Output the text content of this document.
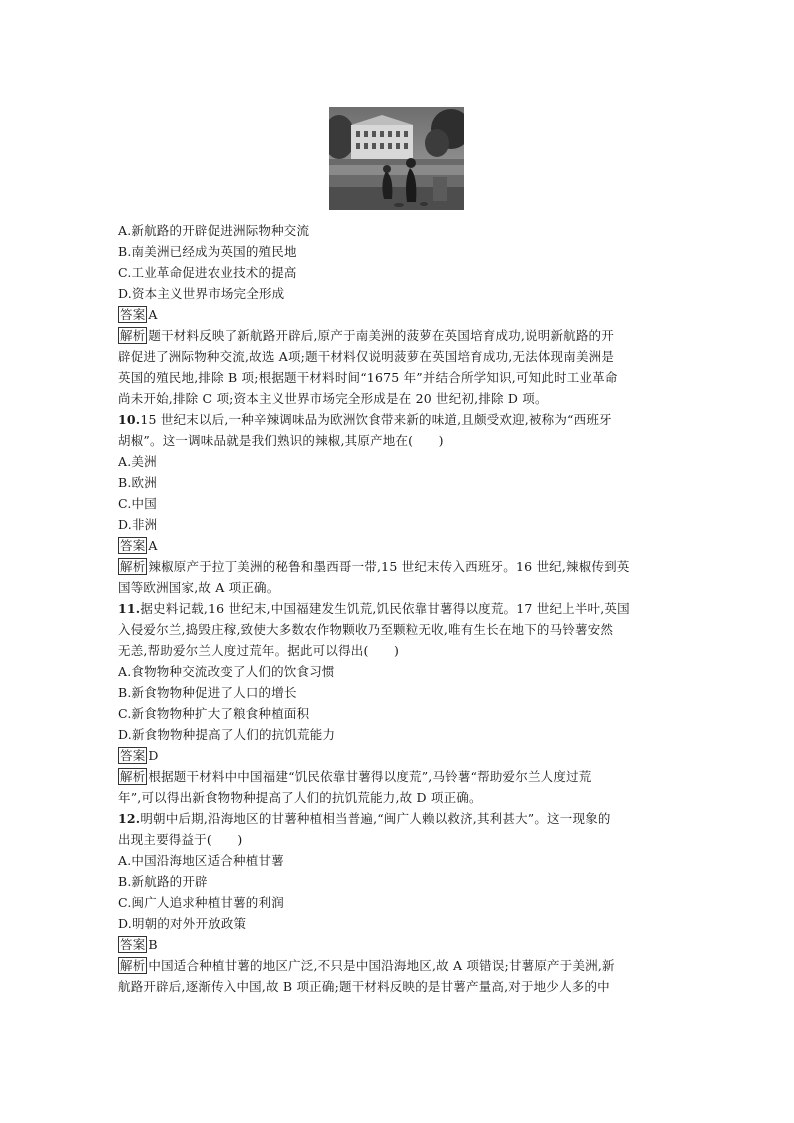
A.新航路的开辟促进洲际物种交流
B.南美洲已经成为英国的殖民地
C.工业革命促进农业技术的提高
D.资本主义世界市场完全形成
答案 A
解析 题干材料反映了新航路开辟后,原产于南美洲的菠萝在英国培育成功,说明新航路的开
辟促进了洲际物种交流,故选 A项;题干材料仅说明菠萝在英国培育成功,无法体现南美洲是
英国的殖民地,排除 B 项;根据题干材料时间“1675 年”并结合所学知识,可知此时工业革命
尚未开始,排除 C 项;资本主义世界市场完全形成是在 20 世纪初,排除 D 项。
10.15 世纪末以后,一种辛辣调味品为欧洲饮食带来新的味道,且颇受欢迎,被称为“西班牙
胡椒”。这一调味品就是我们熟识的辣椒,其原产地在(　　)
A.美洲
B.欧洲
C.中国
D.非洲
答案 A
解析 辣椒原产于拉丁美洲的秘鲁和墨西哥一带,15 世纪末传入西班牙。16 世纪,辣椒传到英
国等欧洲国家,故 A 项正确。
11.据史料记载,16 世纪末,中国福建发生饥荒,饥民依靠甘薯得以度荒。17 世纪上半叶,英国
入侵爱尔兰,捣毁庄稼,致使大多数农作物颗收乃至颗粒无收,唯有生长在地下的马铃薯安然
无恙,帮助爱尔兰人度过荒年。据此可以得出(　　)
A.食物物种交流改变了人们的饮食习惯
B.新食物物种促进了人口的增长
C.新食物物种扩大了粮食种植面积
D.新食物物种提高了人们的抗饥荒能力
答案 D
解析 根据题干材料中中国福建“饥民依靠甘薯得以度荒”,马铃薯“帮助爱尔兰人度过荒
年”,可以得出新食物物种提高了人们的抗饥荒能力,故 D 项正确。
12.明朝中后期,沿海地区的甘薯种植相当普遍,“闽广人赖以救济,其利甚大”。这一现象的
出现主要得益于(　　)
A.中国沿海地区适合种植甘薯
B.新航路的开辟
C.闽广人追求种植甘薯的利润
D.明朝的对外开放政策
答案 B
解析 中国适合种植甘薯的地区广泛,不只是中国沿海地区,故 A 项错误;甘薯原产于美洲,新
航路开辟后,逐渐传入中国,故 B 项正确;题干材料反映的是甘薯产量高,对于地少人多的中
